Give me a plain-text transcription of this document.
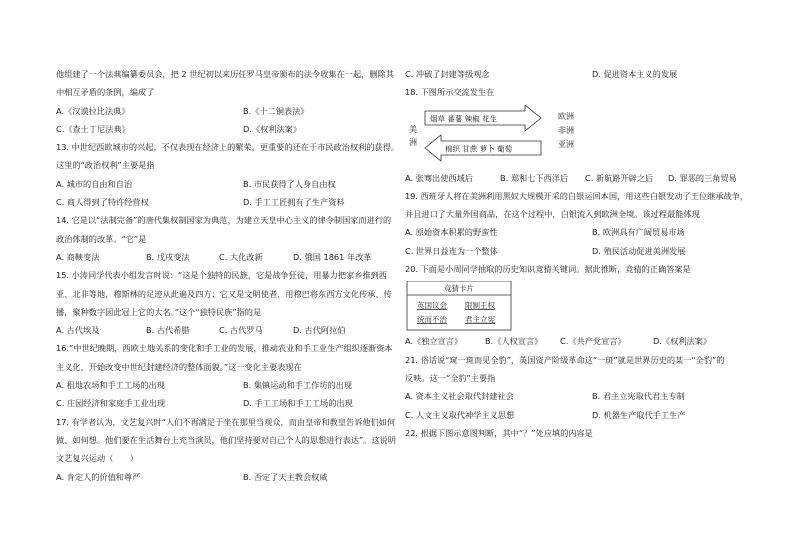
他组建了一个法典编纂委员会，把 2 世纪初以来历任罗马皇帝颁布的法令收集在一起，删除其
中相互矛盾的条例，编成了
A.《汉谟拉比法典》	B.《十二铜表法》
C.《查士丁尼法典》	D.《权利法案》
13. 中世纪西欧城市的兴起，不仅表现在经济上的繁荣，更重要的还在于市民政治权利的获得。
这里的“政治权利”主要是指
A. 城市的自由和自治	B. 市民获得了人身自由权
C. 商人得到了特许经营权	D. 手工工匠拥有了生产资料
14. 它是以“法制完备”的唐代集权制国家为典范，为建立天皇中心主义的律令制国家而进行的
政治体制的改革。“它”是
A. 商鞅变法	B. 戊戌变法	C. 大化改新	D. 俄国 1861 年改革
15. 小涛同学代表小组发言时说：“这是个独特的民族，它是战争狂徒，用暴力把家乡推到西
亚、北非等地，穆斯林的足迹从此遍及四方；它又是文明使者，用穆巴将东西方文化传承、传
播，聚种数字因此冠上它的大名。”这个“独特民族”指的是
A. 古代埃及	B. 古代希腊	C. 古代罗马	D. 古代阿拉伯
16.“中世纪晚期，西欧土地关系的变化和手工业的发展，推动农业和手工业生产组织逐渐资本
主义化，开始改变中世纪封建经济的整体面貌。”这一变化主要表现在
A. 租地农场和手工工场的出现	B. 集镇运动和手工作坊的出现
C. 庄园经济和家庭手工业出现	D. 手工工场和手工工场的出现
17. 有学者认为，文艺复兴时“人们不再满足于坐在那里当观众，而由皇帝和教皇告诉他们如何
做、如何想。他们要在生活舞台上充当演员，他们坚持要对自己个人的思想进行表达”。这说明
文艺复兴运动（　　）
A. 肯定人的价值和尊严	B. 否定了天主教会权威
C. 冲破了封建等级观念	D. 促进资本主义的发展
18. 下图所示交流发生在
美
洲
烟草 番薯 辣椒 花生
棉织 甘蔗 萝卜 葡萄
欧洲
非洲
亚洲
A. 张骞出使西域后	B. 郑和七下西洋后 C. 新航路开辟之后 D. 罪恶的三角贸易
19. 西班牙人将在美洲利用黑奴大规模开采的白银运回本国，用这些白银发动了王位继承战争，
并且进口了大量外国商品，在这个过程中，白银流入到欧洲全境。该过程最能体现
A. 原始资本积累的野蛮性	B. 欧洲具有广阔贸易市场
C. 世界日益连为一个整体	D. 殖民活动促进美洲发展
20. 下面是小周同学抽取的历史知识竞猜关键词。据此推断，竞猜的正确答案是
竞猜卡片
英国议会 限制王权
统而不治 君主立宪
A.《独立宣言》	B.《人权宣言》 C.《共产党宣言》	D.《权利法案》
21. 俗话说“窥一斑而见全豹”，英国资产阶级革命这“一斑”就是世界历史的某一“全豹”的
反映。这一“全豹”主要指
A. 资本主义社会取代封建社会	B. 君主立宪取代君主专制
C. 人文主义取代神学主义思想	D. 机器生产取代手工生产
22. 根据下图示意图判断，其中“？”处应填的内容是
